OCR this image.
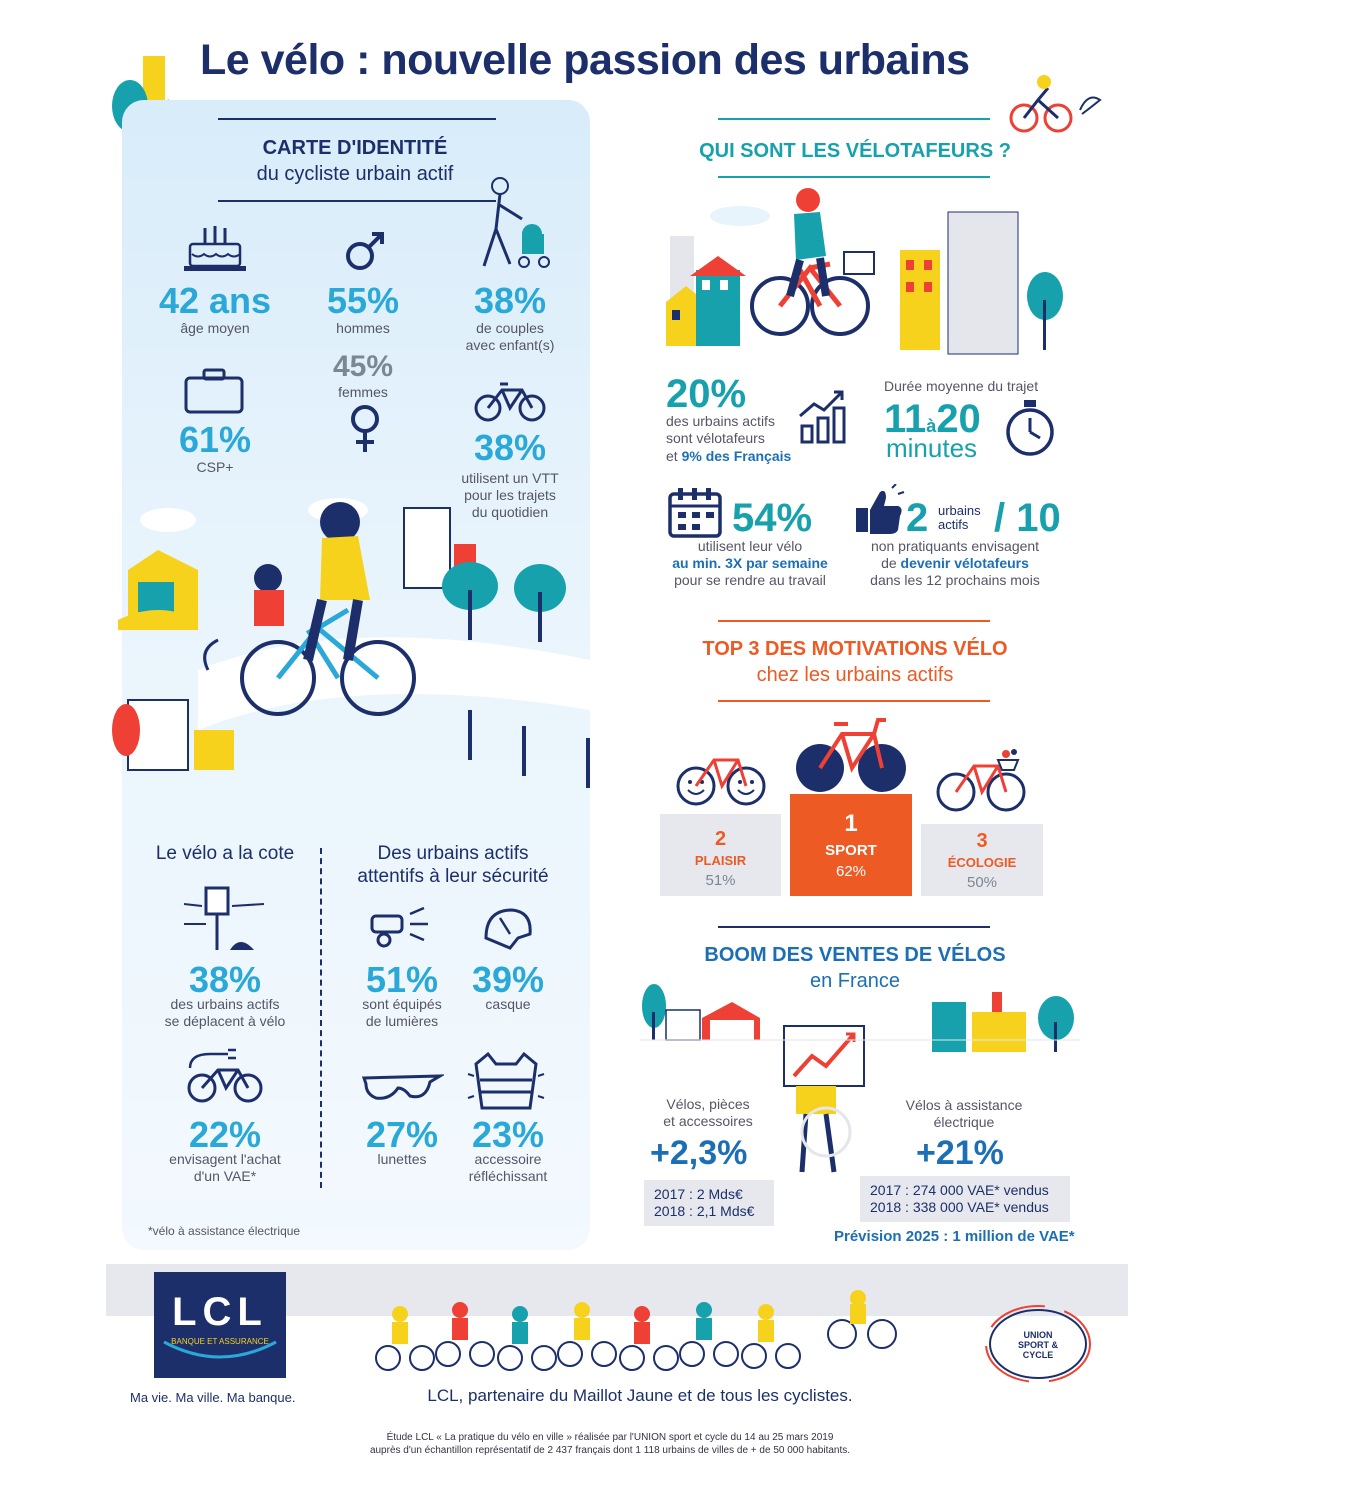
Le vélo : nouvelle passion des urbains
CARTE D'IDENTITÉ
du cycliste urbain actif
42 ans
âge moyen
55%
hommes
38%
de couples
avec enfant(s)
45%
femmes
61%
CSP+	38%
utilisent un VTT
pour les trajets
du quotidien
Le vélo a la cote	Des urbains actifs
attentifs à leur sécurité
38%
des urbains actifs
se déplacent à vélo
51%
sont équipés
de lumières
39%
casque
22%
envisagent l'achat
d'un VAE*
27%
lunettes
23%
accessoire
réfléchissant
*vélo à assistance électrique
QUI SONT LES VÉLOTAFEURS ?
20%
des urbains actifs
sont vélotafeurs
et 9% des Français
Durée moyenne du trajet
11à20
minutes
54%
utilisent leur vélo
au min. 3X par semaine
pour se rendre au travail
2 urbains
actifs / 10
non pratiquants envisagent
de devenir vélotafeurs
dans les 12 prochains mois
TOP 3 DES MOTIVATIONS VÉLO
chez les urbains actifs
2
PLAISIR
51%
1
SPORT
62%
3
ÉCOLOGIE
50%
BOOM DES VENTES DE VÉLOS
en France
Vélos, pièces
et accessoires
+2,3%
2017 : 2 Mds€
2018 : 2,1 Mds€
Vélos à assistance
électrique
+21%
2017 : 274 000 VAE* vendus
2018 : 338 000 VAE* vendus
Prévision 2025 : 1 million de VAE*
LCL
BANQUE ET ASSURANCE
Ma vie. Ma ville. Ma banque.	LCL, partenaire du Maillot Jaune et de tous les cyclistes.
UNION SPORT & CYCLE
Étude LCL « La pratique du vélo en ville » réalisée par l'UNION sport et cycle du 14 au 25 mars 2019
auprès d'un échantillon représentatif de 2 437 français dont 1 118 urbains de villes de + de 50 000 habitants.
